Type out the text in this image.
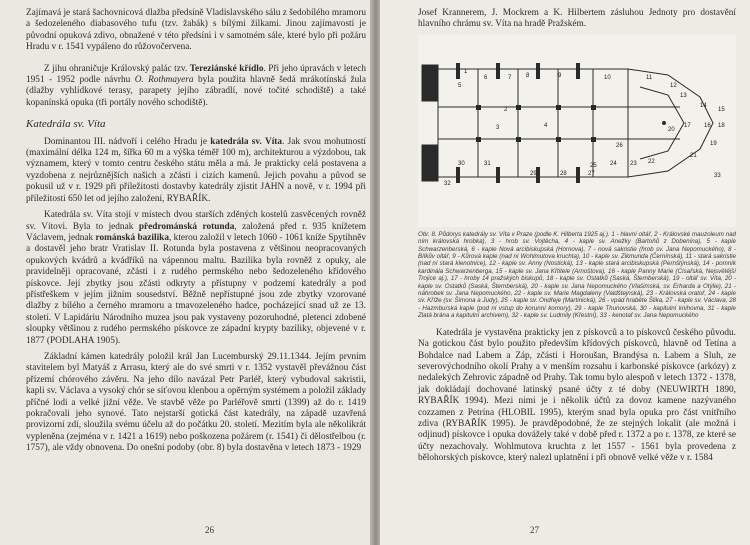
Zajímavá je stará šachovnicová dlažba předsíně Vladislavského sálu z šedobílého mramoru a šedozeleného diabasového tufu (tzv. žabák) s bílými žilkami. Jinou zajímavostí je původní opuková zdivo, obnažené v této předsíni i v samotném sále, které bylo při požáru Hradu v r. 1541 vypáleno do růžovočervena.

Z jihu ohraničuje Královský palác tzv. Tereziánské křídlo. Při jeho úpravách v letech 1951 - 1952 podle návrhu O. Rothmayera byla použita hlavně šedá mrákotínská žula (dlažby vyhlídkové terasy, parapety jejího zábradlí, nové točité schodiště) a také kopanínská opuka (tři portály nového schodiště).

Katedrála sv. Víta

Dominantou III. nádvoří i celého Hradu je katedrála sv. Víta. Jak svou mohutností (maximální délka 124 m, šířka 60 m a výška téměř 100 m), architekturou a výzdobou, tak významem, který v tomto centru českého státu měla a má. Je prakticky celá postavena a vyzdobena z nejrůznějších našich a zčásti i cizích kamenů. Jejich povahu a původ se pokusil už v r. 1929 při příležitosti dostavby katedrály zjistit JAHN a nově, v r. 1994 při příležitosti 650 let od jejího založení, RYBAŘÍK.

Katedrála sv. Víta stojí v místech dvou starších zděných kostelů zasvěcených rovněž sv. Vítovi. Byla to jednak předrománská rotunda, založená před r. 935 knížetem Václavem, jednak románská bazilika, kterou založil v letech 1060 - 1061 kníže Spytihněv a dostavěl jeho bratr Vratislav II. Rotunda byla postavena z většinou neopracovaných opukových kvádrů a kvádříků na vápennou maltu. Bazilika byla rovněž z opuky, ale pravidelněji opracované, zčásti i z rudého permského nebo šedozeleného křídového pískovce. Její zbytky jsou zčásti odkryty a přístupny v podzemí katedrály a pod přístřeškem v jejím jižním sousedství. Běžně nepřístupné jsou zde zbytky vzorované dlažby z bílého a černého mramoru a tmavozeleného hadce, pocházející snad už ze 13. století. V Lapidáriu Národního muzea jsou pak vystaveny pozoruhodné, pletenci zdobené sloupky většinou z rudého permského pískovce ze západní krypty baziliky, objevené v r. 1877 (PODLAHA 1905).

Základní kámen katedrály položil král Jan Lucemburský 29.11.1344. Jejím prvním stavitelem byl Matyáš z Arrasu, který ale do své smrti v r. 1352 vystavěl převážnou část přízemí chórového závěru. Na jeho dílo navázal Petr Parléř, který vybudoval sakristii, kapli sv. Václava a vysoký chór se síťovou klenbou a opěrným systémem a položil základy příčné lodi a velké jižní věže. Ve stavbě věže po Parléřově smrti (1399) až do r. 1419 pokračovali jeho synové. Tato nejstarší gotická část katedrály, na západě uzavřená provizorní zdí, sloužila svému účelu až do počátku 20. století. Mezitím byla ale několikrát vypleněna (zejména v r. 1421 a 1619) nebo poškozena požárem (r. 1541) či dělostřelbou (r. 1757), ale vždy obnovena. Do onešní podoby (obr. 8) byla dostavěna v letech 1873 - 1929

26

Josef Krannerem, J. Mockrem a K. Hilbertem zásluhou Jednoty pro dostavění hlavního chrámu sv. Víta na hradě Pražském.

1
5
6	7 8	9	10	11
12
13
14
15
16
17	18
19
20
21
22
23
24
25
26
27
28
29
30	31
32
33
2
3	4
Obr. 8. Půdorys katedrály sv. Víta v Praze (podle K. Hilberta 1925 aj.). 1 - hlavní oltář, 2 - Královské mauzoleum nad ním královská hrobka), 3 - hrob sv. Vojtěcha, 4 - kaple sv. Anežky (Bartoňů z Dobenína), 5 - kaple Schwarzenberská, 6 - kaple Nová arcibiskupská (Hornova), 7 - nová sakristie (hrob sv. Jana Nepomuckého), 8 - Bílkův oltář, 9 - Kůrová kaple (nad ní Wohlmutova kruchta), 10 - kaple sv. Zikmunda (Černínská), 11 - stará sakristie (nad ní stará klenotnice), 12 - kaple sv. Anny (Nostická), 13 - kaple stará arcibiskupská (Pernštýnská), 14 - pomník kardinála Schwarzenberga, 15 - kaple sv. Jana Křtitele (Arnoštova), 16 - kaple Panny Marie (Císařská, Nejsvětější Trojice aj.), 17 - hroby 14 pražských biskupů, 18 - kaple sv. Ostatků (Saská, Šternberská), 19 - oltář sv. Víta, 20 - kaple sv. Ostatků (Saská, Šternberská), 20 - kaple sv. Jana Nepomuckého (Vlašimská, sv. Erharda a Otýlie), 21 - náhrobek sv. Jana Nepomuckého, 22 - kaple sv. Marie Magdaleny (Valdštejnská), 23 - Královská oratoř, 24 - kaple sv. Kříže (sv. Šimona a Judy), 25 - kaple sv. Ondřeje (Martinická), 26 - vpád hraběte Šlika, 27 - kaple sv. Václava, 28 - Hazmburská kaple (pod ní vstup do korunní komory), 29 - kaple Thunovská, 30 - kapitulní knihovna, 31 - kaple Zlatá brána a kapitulní archivem), 32 - kaple sv. Ludmily (Křestní), 33 - kenotaf sv. Jana Nepomuckého

Katedrála je vystavěna prakticky jen z pískovců a to pískovců českého původu. Na gotickou část bylo použito především křídových pískovců, hlavně od Tetína a Bohdalce nad Labem a Záp, zčásti i Horoušan, Brandýsa n. Labem a Sluh, ze severovýchodního okolí Prahy a v menším rozsahu i karbonské pískovce (arkózy) z nedalekých Zehrovic západně od Prahy. Tak tomu bylo alespoň v letech 1372 - 1378, jak dokládají dochované latinský psané účty z té doby (NEUWIRTH 1890, RYBAŘÍK 1994). Mezi nimi je i několik účtů za dovoz kamene nazývaného cozzamen z Petrína (HLOBIL 1995), kterým snad byla opuka pro část vnitřního zdiva (RYBAŘÍK 1995). Je pravděpodobné, že ze stejných lokalit (ale možná i odjinud) pískovce i opuka dovážely také v době před r. 1372 a po r. 1378, ze které se účty nezachovaly. Wohlmutova kruchta z let 1557 - 1561 byla provedena z bělohorských pískovce, který nalezl uplatnění i při obnově velké věže v r. 1584

27
